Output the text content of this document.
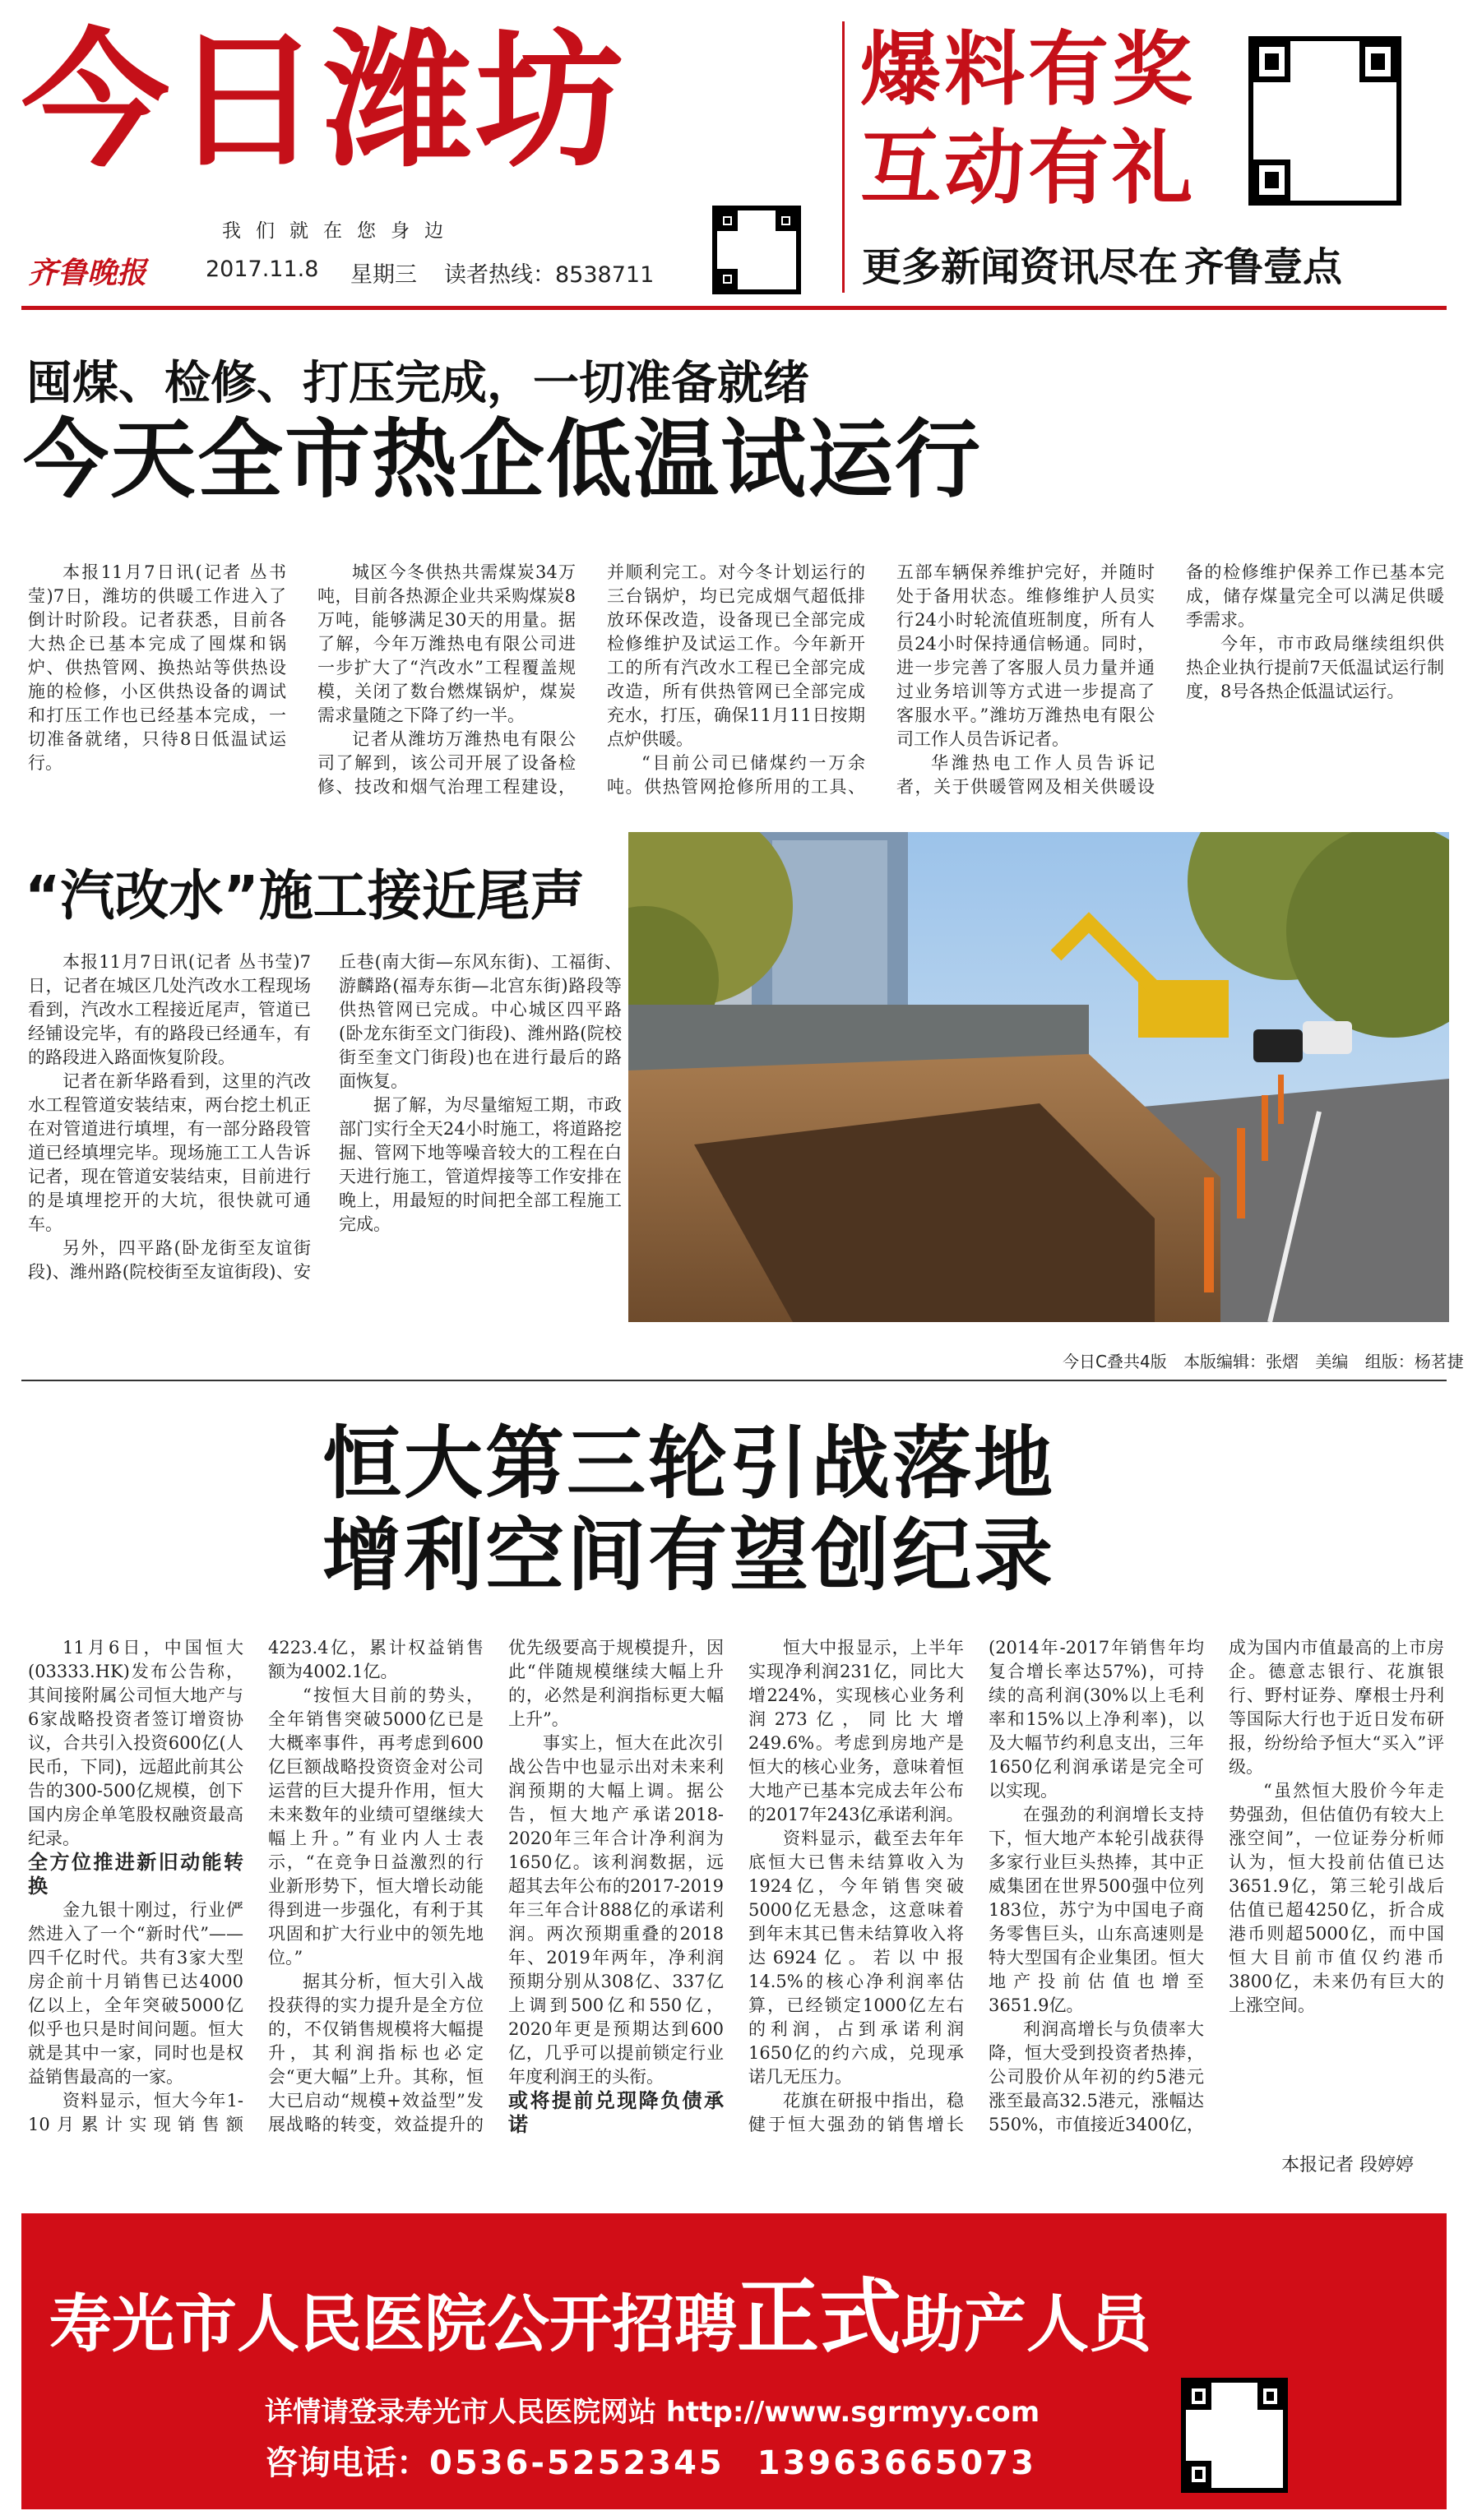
今日潍坊
我们就在您身边
齐鲁晚报	2017.11.8 星期三 读者热线：8538711
爆料有奖
互动有礼
更多新闻资讯尽在 齐鲁壹点
囤煤、检修、打压完成，一切准备就绪
今天全市热企低温试运行

本报11月7日讯(记者 丛书莹)7日，潍坊的供暖工作进入了倒计时阶段。记者获悉，目前各大热企已基本完成了囤煤和锅炉、供热管网、换热站等供热设施的检修，小区供热设备的调试和打压工作也已经基本完成，一切准备就绪，只待8日低温试运行。

城区今冬供热共需煤炭34万吨，目前各热源企业共采购煤炭8万吨，能够满足30天的用量。据了解，今年万潍热电有限公司进一步扩大了“汽改水”工程覆盖规模，关闭了数台燃煤锅炉，煤炭需求量随之下降了约一半。

记者从潍坊万潍热电有限公司了解到，该公司开展了设备检修、技改和烟气治理工程建设，并顺利完工。对今冬计划运行的三台锅炉，均已完成烟气超低排放环保改造，设备现已全部完成检修维护及试运工作。今年新开工的所有汽改水工程已全部完成改造，所有供热管网已全部完成充水，打压，确保11月11日按期点炉供暖。

“目前公司已储煤约一万余吨。供热管网抢修所用的工具、五部车辆保养维护完好，并随时处于备用状态。维修维护人员实行24小时轮流值班制度，所有人员24小时保持通信畅通。同时，进一步完善了客服人员力量并通过业务培训等方式进一步提高了客服水平。”潍坊万潍热电有限公司工作人员告诉记者。

华潍热电工作人员告诉记者，关于供暖管网及相关供暖设备的检修维护保养工作已基本完成，储存煤量完全可以满足供暖季需求。

今年，市市政局继续组织供热企业执行提前7天低温试运行制度，8号各热企低温试运行。

“汽改水”施工接近尾声

本报11月7日讯(记者 丛书莹)7日，记者在城区几处汽改水工程现场看到，汽改水工程接近尾声，管道已经铺设完毕，有的路段已经通车，有的路段进入路面恢复阶段。

记者在新华路看到，这里的汽改水工程管道安装结束，两台挖土机正在对管道进行填埋，有一部分路段管道已经填埋完毕。现场施工工人告诉记者，现在管道安装结束，目前进行的是填埋挖开的大坑，很快就可通车。

另外，四平路(卧龙街至友谊街段)、潍州路(院校街至友谊街段)、安丘巷(南大街—东风东街)、工福街、游麟路(福寿东街—北宫东街)路段等供热管网已完成。中心城区四平路(卧龙东街至文门街段)、潍州路(院校街至奎文门街段)也在进行最后的路面恢复。

据了解，为尽量缩短工期，市政部门实行全天24小时施工，将道路挖掘、管网下地等噪音较大的工程在白天进行施工，管道焊接等工作安排在晚上，用最短的时间把全部工程施工完成。

今日C叠共4版 本版编辑：张熠 美编 组版：杨茗捷
恒大第三轮引战落地
增利空间有望创纪录

11月6日，中国恒大(03333.HK)发布公告称，其间接附属公司恒大地产与6家战略投资者签订增资协议，合共引入投资600亿(人民币，下同)，远超此前其公告的300-500亿规模，创下国内房企单笔股权融资最高纪录。

全方位推进新旧动能转换

金九银十刚过，行业俨然进入了一个“新时代”——四千亿时代。共有3家大型房企前十月销售已达4000亿以上，全年突破5000亿似乎也只是时间问题。恒大就是其中一家，同时也是权益销售最高的一家。

资料显示，恒大今年1-10月累计实现销售额4223.4亿，累计权益销售额为4002.1亿。

“按恒大目前的势头，全年销售突破5000亿已是大概率事件，再考虑到600亿巨额战略投资资金对公司运营的巨大提升作用，恒大未来数年的业绩可望继续大幅上升。”有业内人士表示，“在竞争日益激烈的行业新形势下，恒大增长动能得到进一步强化，有利于其巩固和扩大行业中的领先地位。”

据其分析，恒大引入战投获得的实力提升是全方位的，不仅销售规模将大幅提升，其利润指标也必定会“更大幅”上升。其称，恒大已启动“规模+效益型”发展战略的转变，效益提升的优先级要高于规模提升，因此“伴随规模继续大幅上升的，必然是利润指标更大幅上升”。

事实上，恒大在此次引战公告中也显示出对未来利润预期的大幅上调。据公告，恒大地产承诺2018-2020年三年合计净利润为1650亿。该利润数据，远超其去年公布的2017-2019年三年合计888亿的承诺利润。两次预期重叠的2018年、2019年两年，净利润预期分别从308亿、337亿上调到500亿和550亿，2020年更是预期达到600亿，几乎可以提前锁定行业年度利润王的头衔。

或将提前兑现降负债承诺

恒大中报显示，上半年实现净利润231亿，同比大增224%，实现核心业务利润273亿，同比大增249.6%。考虑到房地产是恒大的核心业务，意味着恒大地产已基本完成去年公布的2017年243亿承诺利润。

资料显示，截至去年年底恒大已售未结算收入为1924亿，今年销售突破5000亿无悬念，这意味着到年末其已售未结算收入将达6924亿。若以中报14.5%的核心净利润率估算，已经锁定1000亿左右的利润，占到承诺利润1650亿的约六成，兑现承诺几无压力。

花旗在研报中指出，稳健于恒大强劲的销售增长(2014年-2017年销售年均复合增长率达57%)，可持续的高利润(30%以上毛利率和15%以上净利率)，以及大幅节约利息支出，三年1650亿利润承诺是完全可以实现。

在强劲的利润增长支持下，恒大地产本轮引战获得多家行业巨头热捧，其中正威集团在世界500强中位列183位，苏宁为中国电子商务零售巨头，山东高速则是特大型国有企业集团。恒大地产投前估值也增至3651.9亿。

利润高增长与负债率大降，恒大受到投资者热捧，公司股价从年初的约5港元涨至最高32.5港元，涨幅达550%，市值接近3400亿，成为国内市值最高的上市房企。德意志银行、花旗银行、野村证券、摩根士丹利等国际大行也于近日发布研报，纷纷给予恒大“买入”评级。

“虽然恒大股价今年走势强劲，但估值仍有较大上涨空间”，一位证券分析师认为，恒大投前估值已达3651.9亿，第三轮引战后估值已超4250亿，折合成港币则超5000亿，而中国恒大目前市值仅约港币3800亿，未来仍有巨大的上涨空间。

本报记者 段婷婷
寿光市人民医院公开招聘正式助产人员
详情请登录寿光市人民医院网站 http://www.sgrmyy.com
咨询电话：0536-5252345 13963665073
